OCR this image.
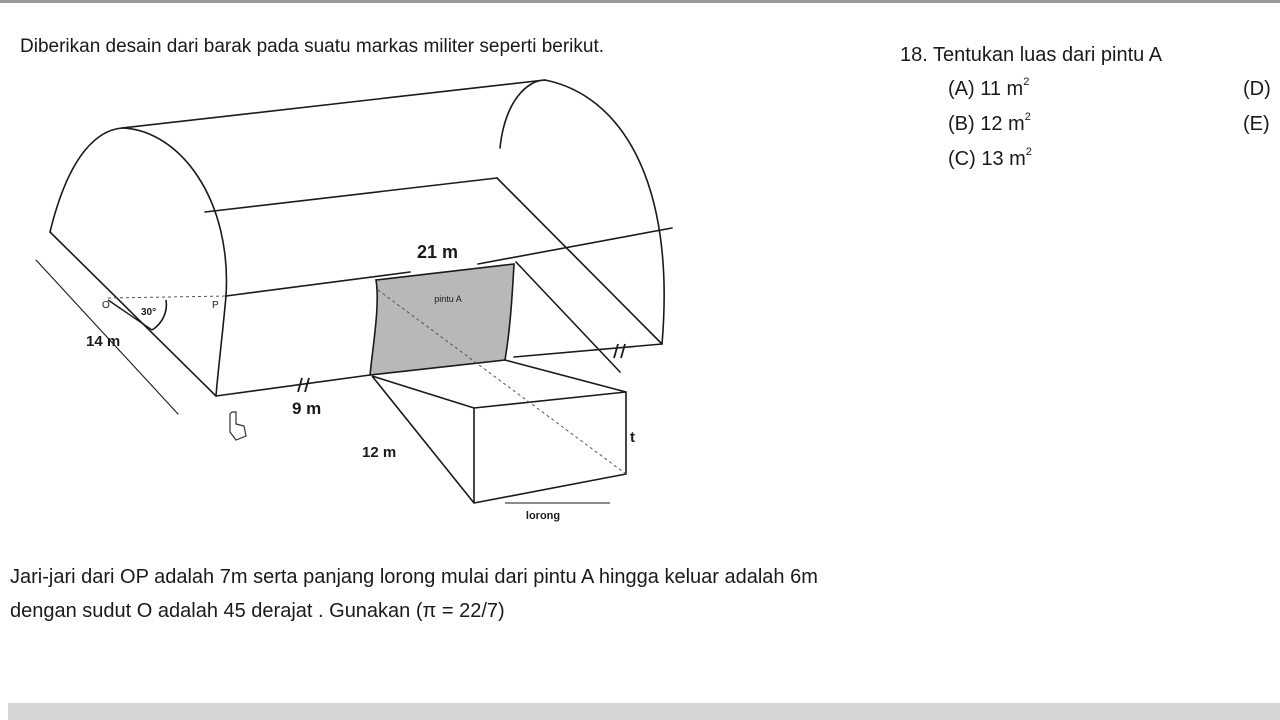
Diberikan desain dari barak pada suatu markas militer seperti berikut.	18. Tentukan luas dari pintu A
(A) 11 $m^2$
(B) 12 $m^2$
(C) 13 $m^2$
(D)
(E)
21 m
pintu A
30°
O	P
14 m
9 m
12 m
t
lorong
Jari-jari dari OP adalah 7m serta panjang lorong mulai dari pintu A hingga keluar adalah 6m
dengan sudut O adalah 45 derajat . Gunakan (π = 22/7)
